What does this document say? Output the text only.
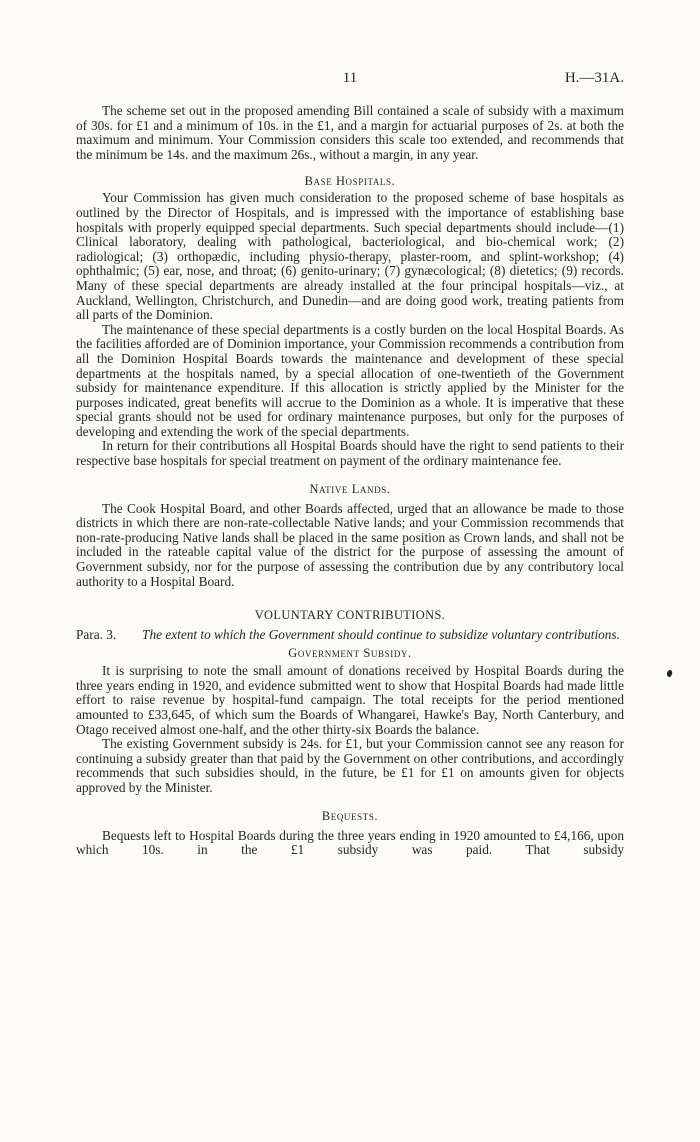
11	H.—31A.

The scheme set out in the proposed amending Bill contained a scale of subsidy with a maximum of 30s. for £1 and a minimum of 10s. in the £1, and a margin for actuarial purposes of 2s. at both the maximum and minimum. Your Commission considers this scale too extended, and recommends that the minimum be 14s. and the maximum 26s., without a margin, in any year.

Base Hospitals.

Your Commission has given much consideration to the proposed scheme of base hospitals as outlined by the Director of Hospitals, and is impressed with the importance of establishing base hospitals with properly equipped special departments. Such special departments should include—(1) Clinical laboratory, dealing with pathological, bacteriological, and bio-chemical work; (2) radiological; (3) orthopædic, including physio-therapy, plaster-room, and splint-workshop; (4) ophthalmic; (5) ear, nose, and throat; (6) genito-urinary; (7) gynæcological; (8) dietetics; (9) records. Many of these special departments are already installed at the four principal hospitals—viz., at Auckland, Wellington, Christchurch, and Dunedin—and are doing good work, treating patients from all parts of the Dominion.

The maintenance of these special departments is a costly burden on the local Hospital Boards. As the facilities afforded are of Dominion importance, your Commission recommends a contribution from all the Dominion Hospital Boards towards the maintenance and development of these special departments at the hospitals named, by a special allocation of one-twentieth of the Government subsidy for maintenance expenditure. If this allocation is strictly applied by the Minister for the purposes indicated, great benefits will accrue to the Dominion as a whole. It is imperative that these special grants should not be used for ordinary maintenance purposes, but only for the purposes of developing and extending the work of the special departments.

In return for their contributions all Hospital Boards should have the right to send patients to their respective base hospitals for special treatment on payment of the ordinary maintenance fee.

Native Lands.

The Cook Hospital Board, and other Boards affected, urged that an allowance be made to those districts in which there are non-rate-collectable Native lands; and your Commission recommends that non-rate-producing Native lands shall be placed in the same position as Crown lands, and shall not be included in the rateable capital value of the district for the purpose of assessing the amount of Government subsidy, nor for the purpose of assessing the contribution due by any contributory local authority to a Hospital Board.

VOLUNTARY CONTRIBUTIONS.
Para. 3. The extent to which the Government should continue to subsidize voluntary contributions.
Government Subsidy.

It is surprising to note the small amount of donations received by Hospital Boards during the three years ending in 1920, and evidence submitted went to show that Hospital Boards had made little effort to raise revenue by hospital-fund campaign. The total receipts for the period mentioned amounted to £33,645, of which sum the Boards of Whangarei, Hawke's Bay, North Canterbury, and Otago received almost one-half, and the other thirty-six Boards the balance.

The existing Government subsidy is 24s. for £1, but your Commission cannot see any reason for continuing a subsidy greater than that paid by the Government on other contributions, and accordingly recommends that such subsidies should, in the future, be £1 for £1 on amounts given for objects approved by the Minister.

Bequests.

Bequests left to Hospital Boards during the three years ending in 1920 amounted to £4,166, upon which 10s. in the £1 subsidy was paid. That subsidy
